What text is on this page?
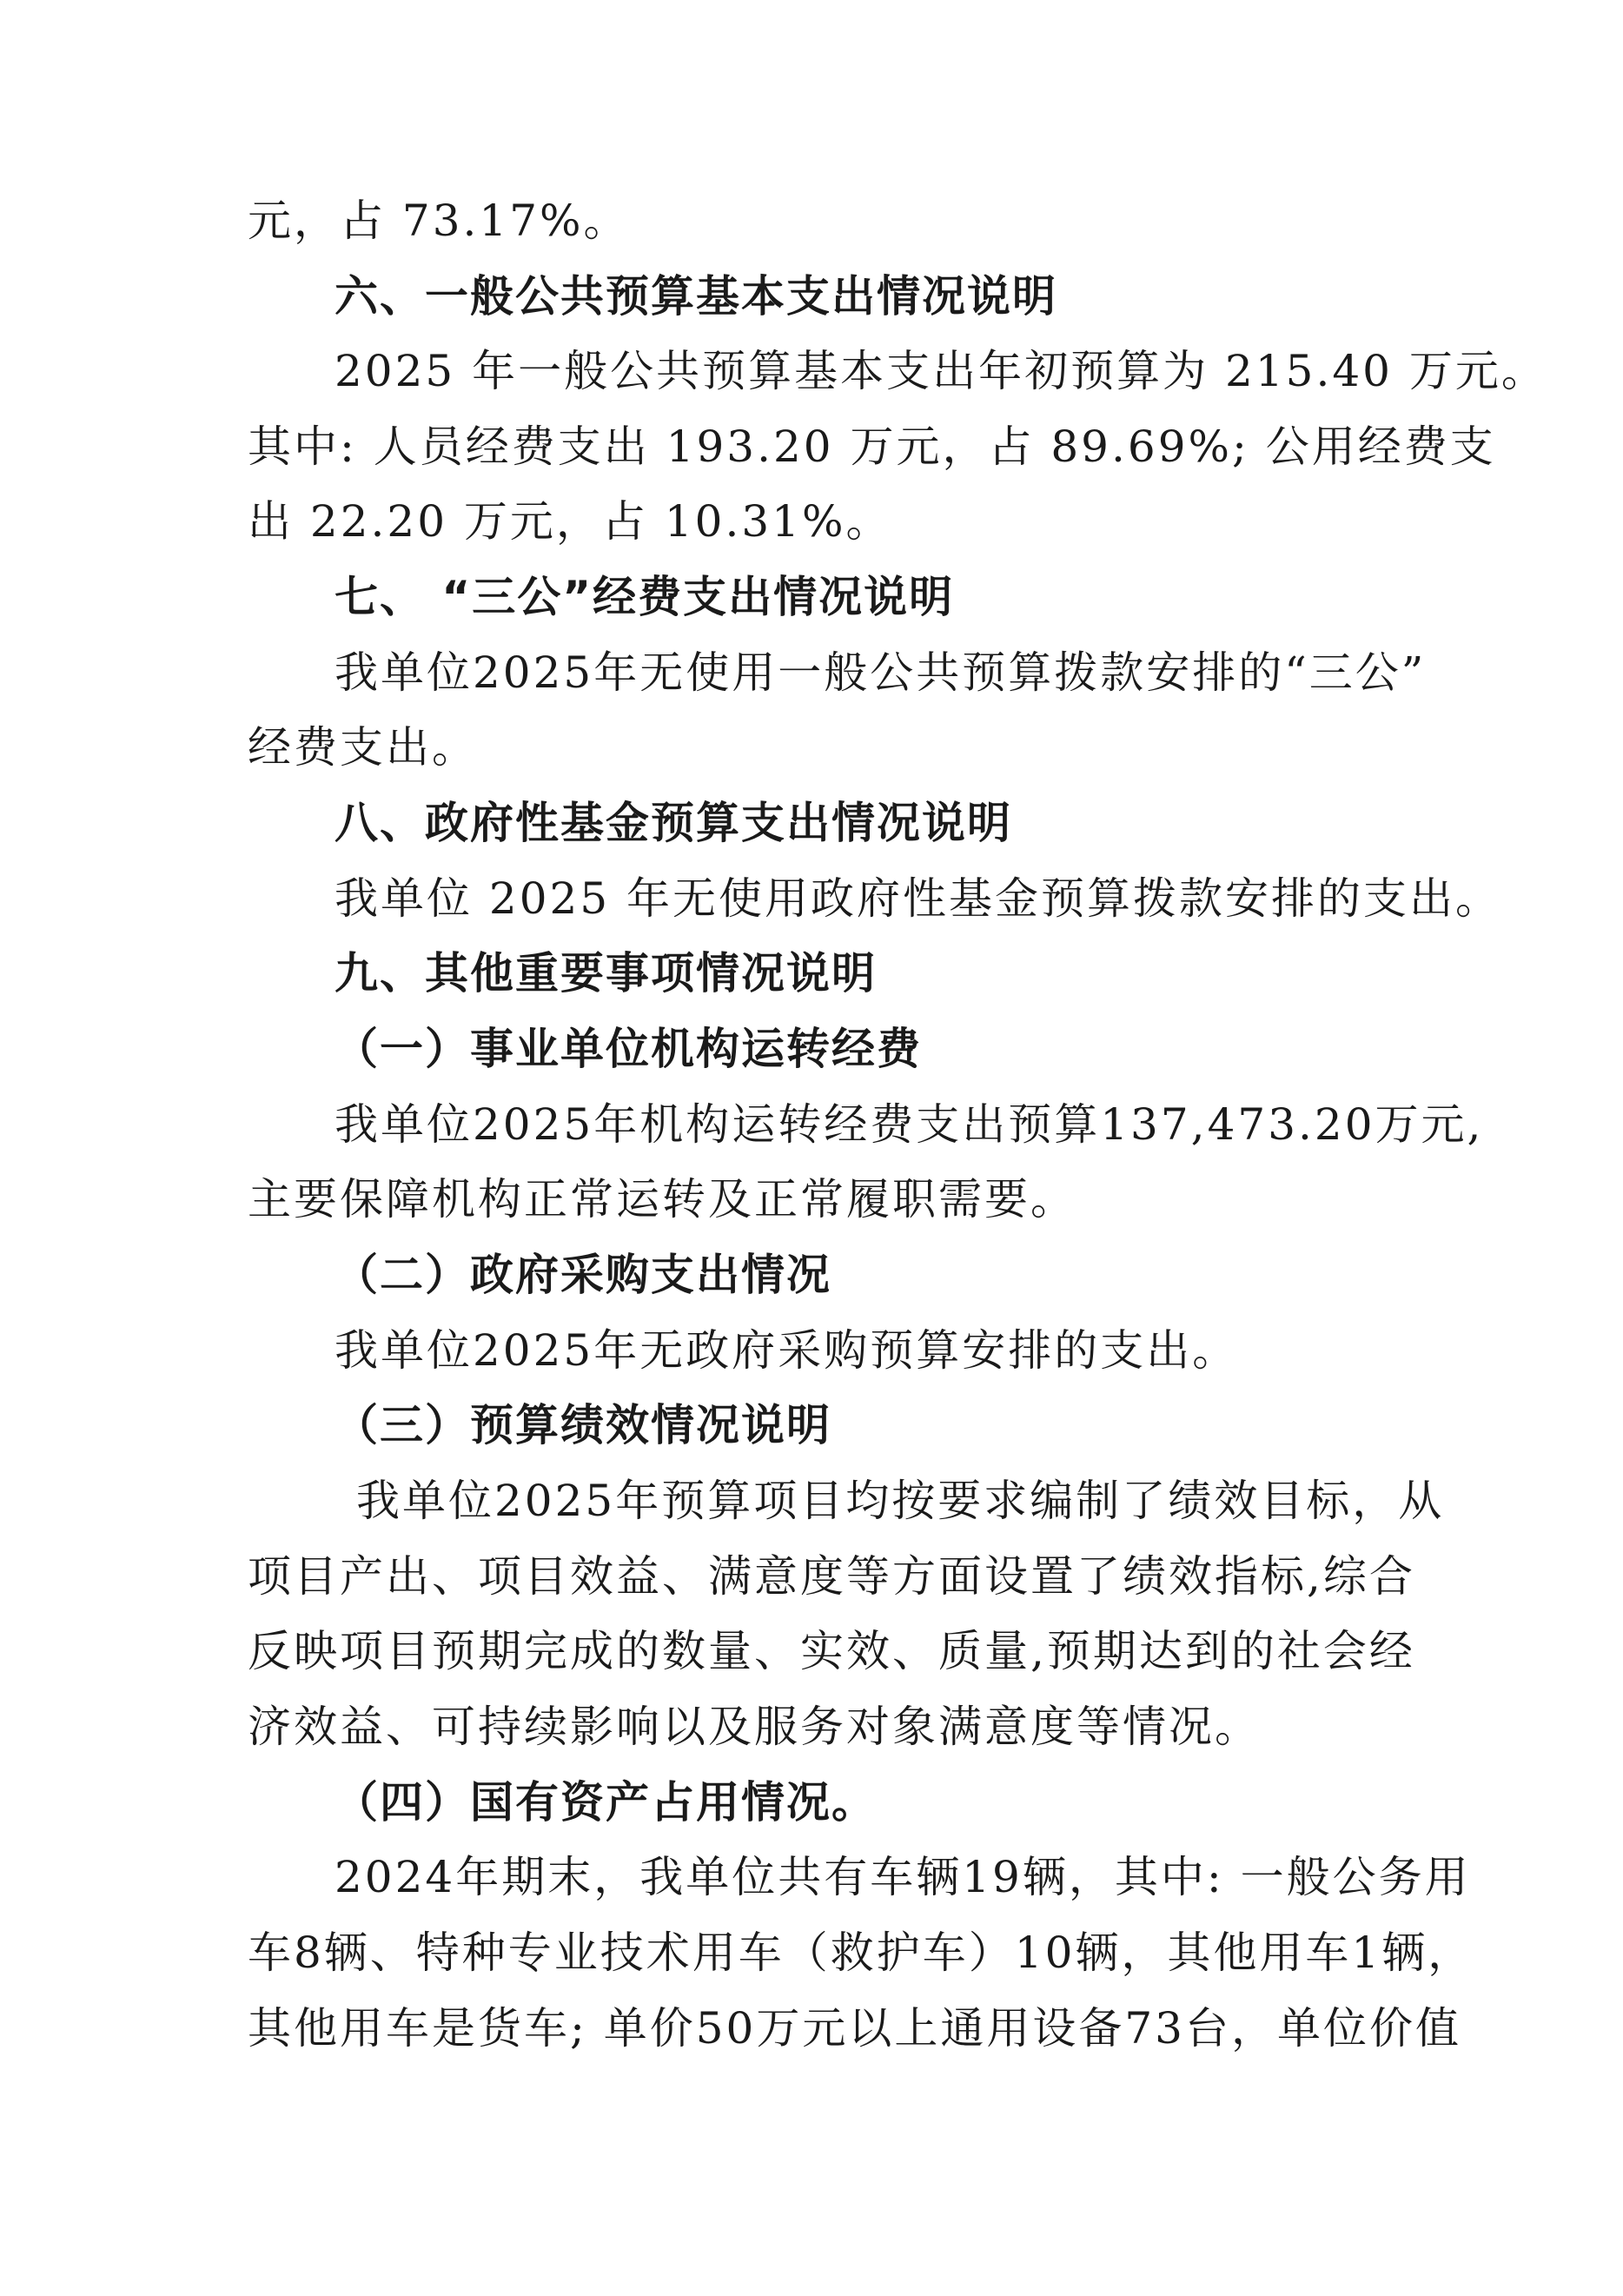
元，占 73.17%。
六、一般公共预算基本支出情况说明
2025 年一般公共预算基本支出年初预算为 215.40 万元。
其中: 人员经费支出 193.20 万元，占 89.69%; 公用经费支
出 22.20 万元，占 10.31%。
七、 “三公”经费支出情况说明
我单位2025年无使用一般公共预算拨款安排的“三公”
经费支出。
八、政府性基金预算支出情况说明
我单位 2025 年无使用政府性基金预算拨款安排的支出。
九、其他重要事项情况说明
（一）事业单位机构运转经费
我单位2025年机构运转经费支出预算137,473.20万元,
主要保障机构正常运转及正常履职需要。
（二）政府采购支出情况
我单位2025年无政府采购预算安排的支出。
（三）预算绩效情况说明
我单位2025年预算项目均按要求编制了绩效目标，从
项目产出、项目效益、满意度等方面设置了绩效指标,综合
反映项目预期完成的数量、实效、质量,预期达到的社会经
济效益、可持续影响以及服务对象满意度等情况。
（四）国有资产占用情况。
2024年期末，我单位共有车辆19辆，其中: 一般公务用
车8辆、特种专业技术用车（救护车）10辆，其他用车1辆，
其他用车是货车; 单价50万元以上通用设备73台，单位价值
